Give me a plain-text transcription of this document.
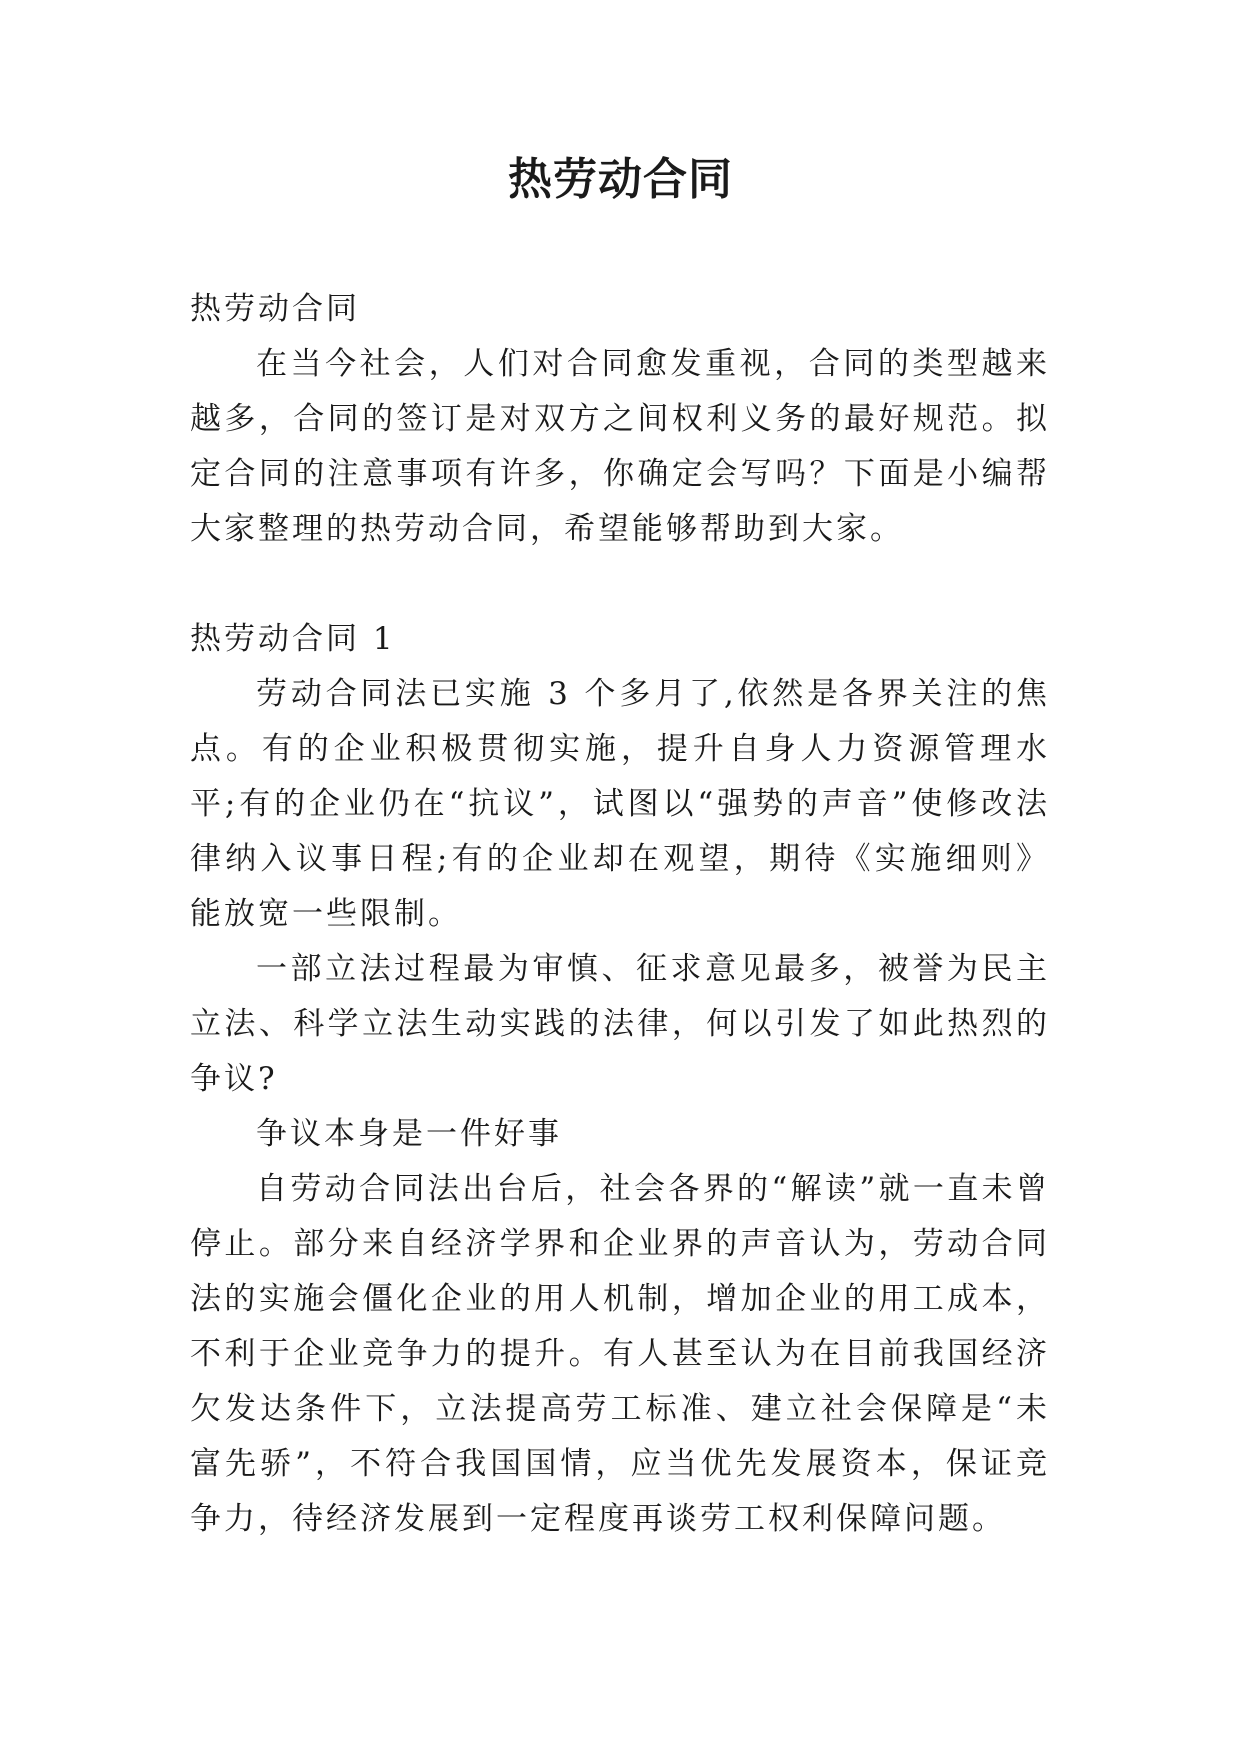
热劳动合同

热劳动合同

在当今社会，人们对合同愈发重视，合同的类型越来越多，合同的签订是对双方之间权利义务的最好规范。拟定合同的注意事项有许多，你确定会写吗？下面是小编帮大家整理的热劳动合同，希望能够帮助到大家。

热劳动合同 1

劳动合同法已实施 3 个多月了,依然是各界关注的焦点。有的企业积极贯彻实施，提升自身人力资源管理水平;有的企业仍在“抗议”，试图以“强势的声音”使修改法律纳入议事日程;有的企业却在观望，期待《实施细则》能放宽一些限制。

一部立法过程最为审慎、征求意见最多，被誉为民主立法、科学立法生动实践的法律，何以引发了如此热烈的争议?

争议本身是一件好事

自劳动合同法出台后，社会各界的“解读”就一直未曾停止。部分来自经济学界和企业界的声音认为，劳动合同法的实施会僵化企业的用人机制，增加企业的用工成本，不利于企业竞争力的提升。有人甚至认为在目前我国经济欠发达条件下，立法提高劳工标准、建立社会保障是“未富先骄”，不符合我国国情，应当优先发展资本，保证竞争力，待经济发展到一定程度再谈劳工权利保障问题。
